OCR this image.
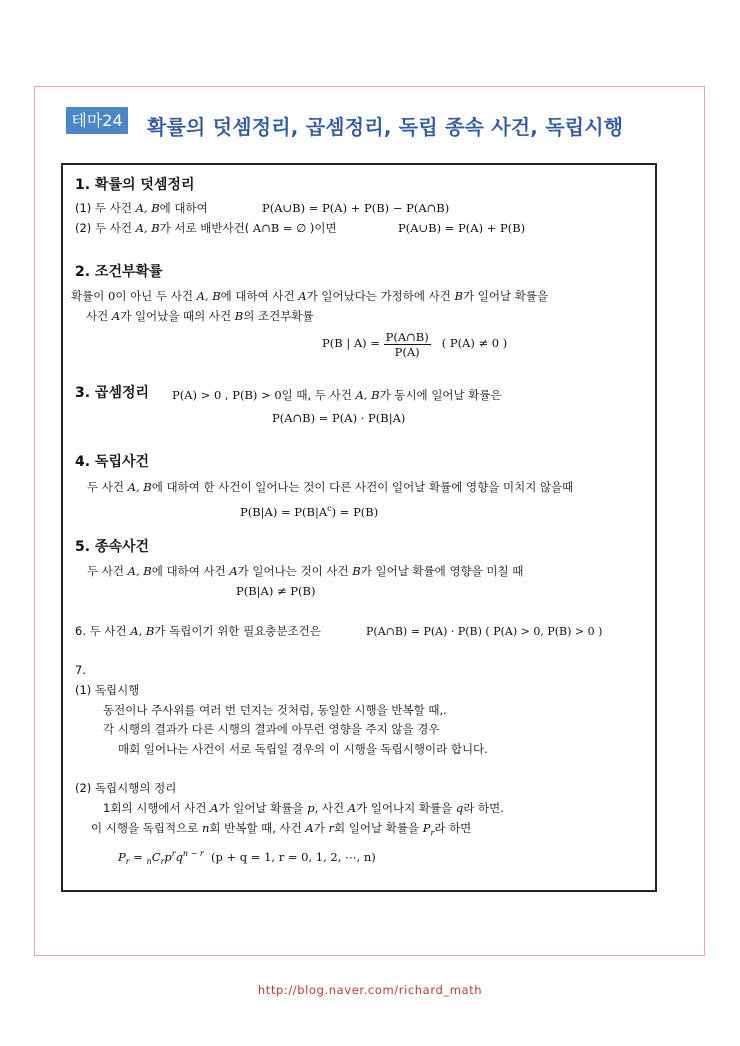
테마24 확률의 덧셈정리, 곱셈정리, 독립 종속 사건, 독립시행
1. 확률의 덧셈정리
(1) 두 사건 A, B에 대하여	P(A∪B) = P(A) + P(B) − P(A∩B)
(2) 두 사건 A, B가 서로 배반사건( A∩B = ∅ )이면	P(A∪B) = P(A) + P(B)
2. 조건부확률
확률이 0이 아닌 두 사건 A, B에 대하여 사건 A가 일어났다는 가정하에 사건 B가 일어날 확률을
사건 A가 일어났을 때의 사건 B의 조건부확률
P(B | $A) = \frac{P(A\cap B)}{P(A)}$ ( P(A) ≠ 0 )
3. 곱셈정리 P(A) > 0 , P(B) > 0일 때, 두 사건 A, B가 동시에 일어날 확률은
P(A∩B) = P(A) · P(B|A)
4. 독립사건
두 사건 A, B에 대하여 한 사건이 일어나는 것이 다른 사건이 일어날 확률에 영향을 미치지 않을때
$P(B|A) = P(B|A^c) = P(B)$
5. 종속사건
두 사건 A, B에 대하여 사건 A가 일어나는 것이 사건 B가 일어날 확률에 영향을 미칠 때
P(B|A) ≠ P(B)
6. 두 사건 A, B가 독립이기 위한 필요충분조건은	P(A∩B) = P(A) · P(B) ( P(A) > 0, P(B) > 0 )
7.
(1) 독립시행
동전이나 주사위를 여러 번 던지는 것처럼, 동일한 시행을 반복할 때,.
각 시행의 결과가 다른 시행의 결과에 아무런 영향을 주지 않을 경우
매회 일어나는 사건이 서로 독립일 경우의 이 시행을 독립시행이라 합니다.
(2) 독립시행의 정리
1회의 시행에서 사건 A가 일어날 확률을 p, 사건 A가 일어나지 확률을 q라 하면.
이 시행을 독립적으로 n회 반복할 때, 사건 A가 r회 일어날 확률을 $P_r$라 하면
$P_r = _nC_rp^rq^{n - r}$ (p + q = 1, r = 0, 1, 2, ⋯, n)
http://blog.naver.com/richard_math
